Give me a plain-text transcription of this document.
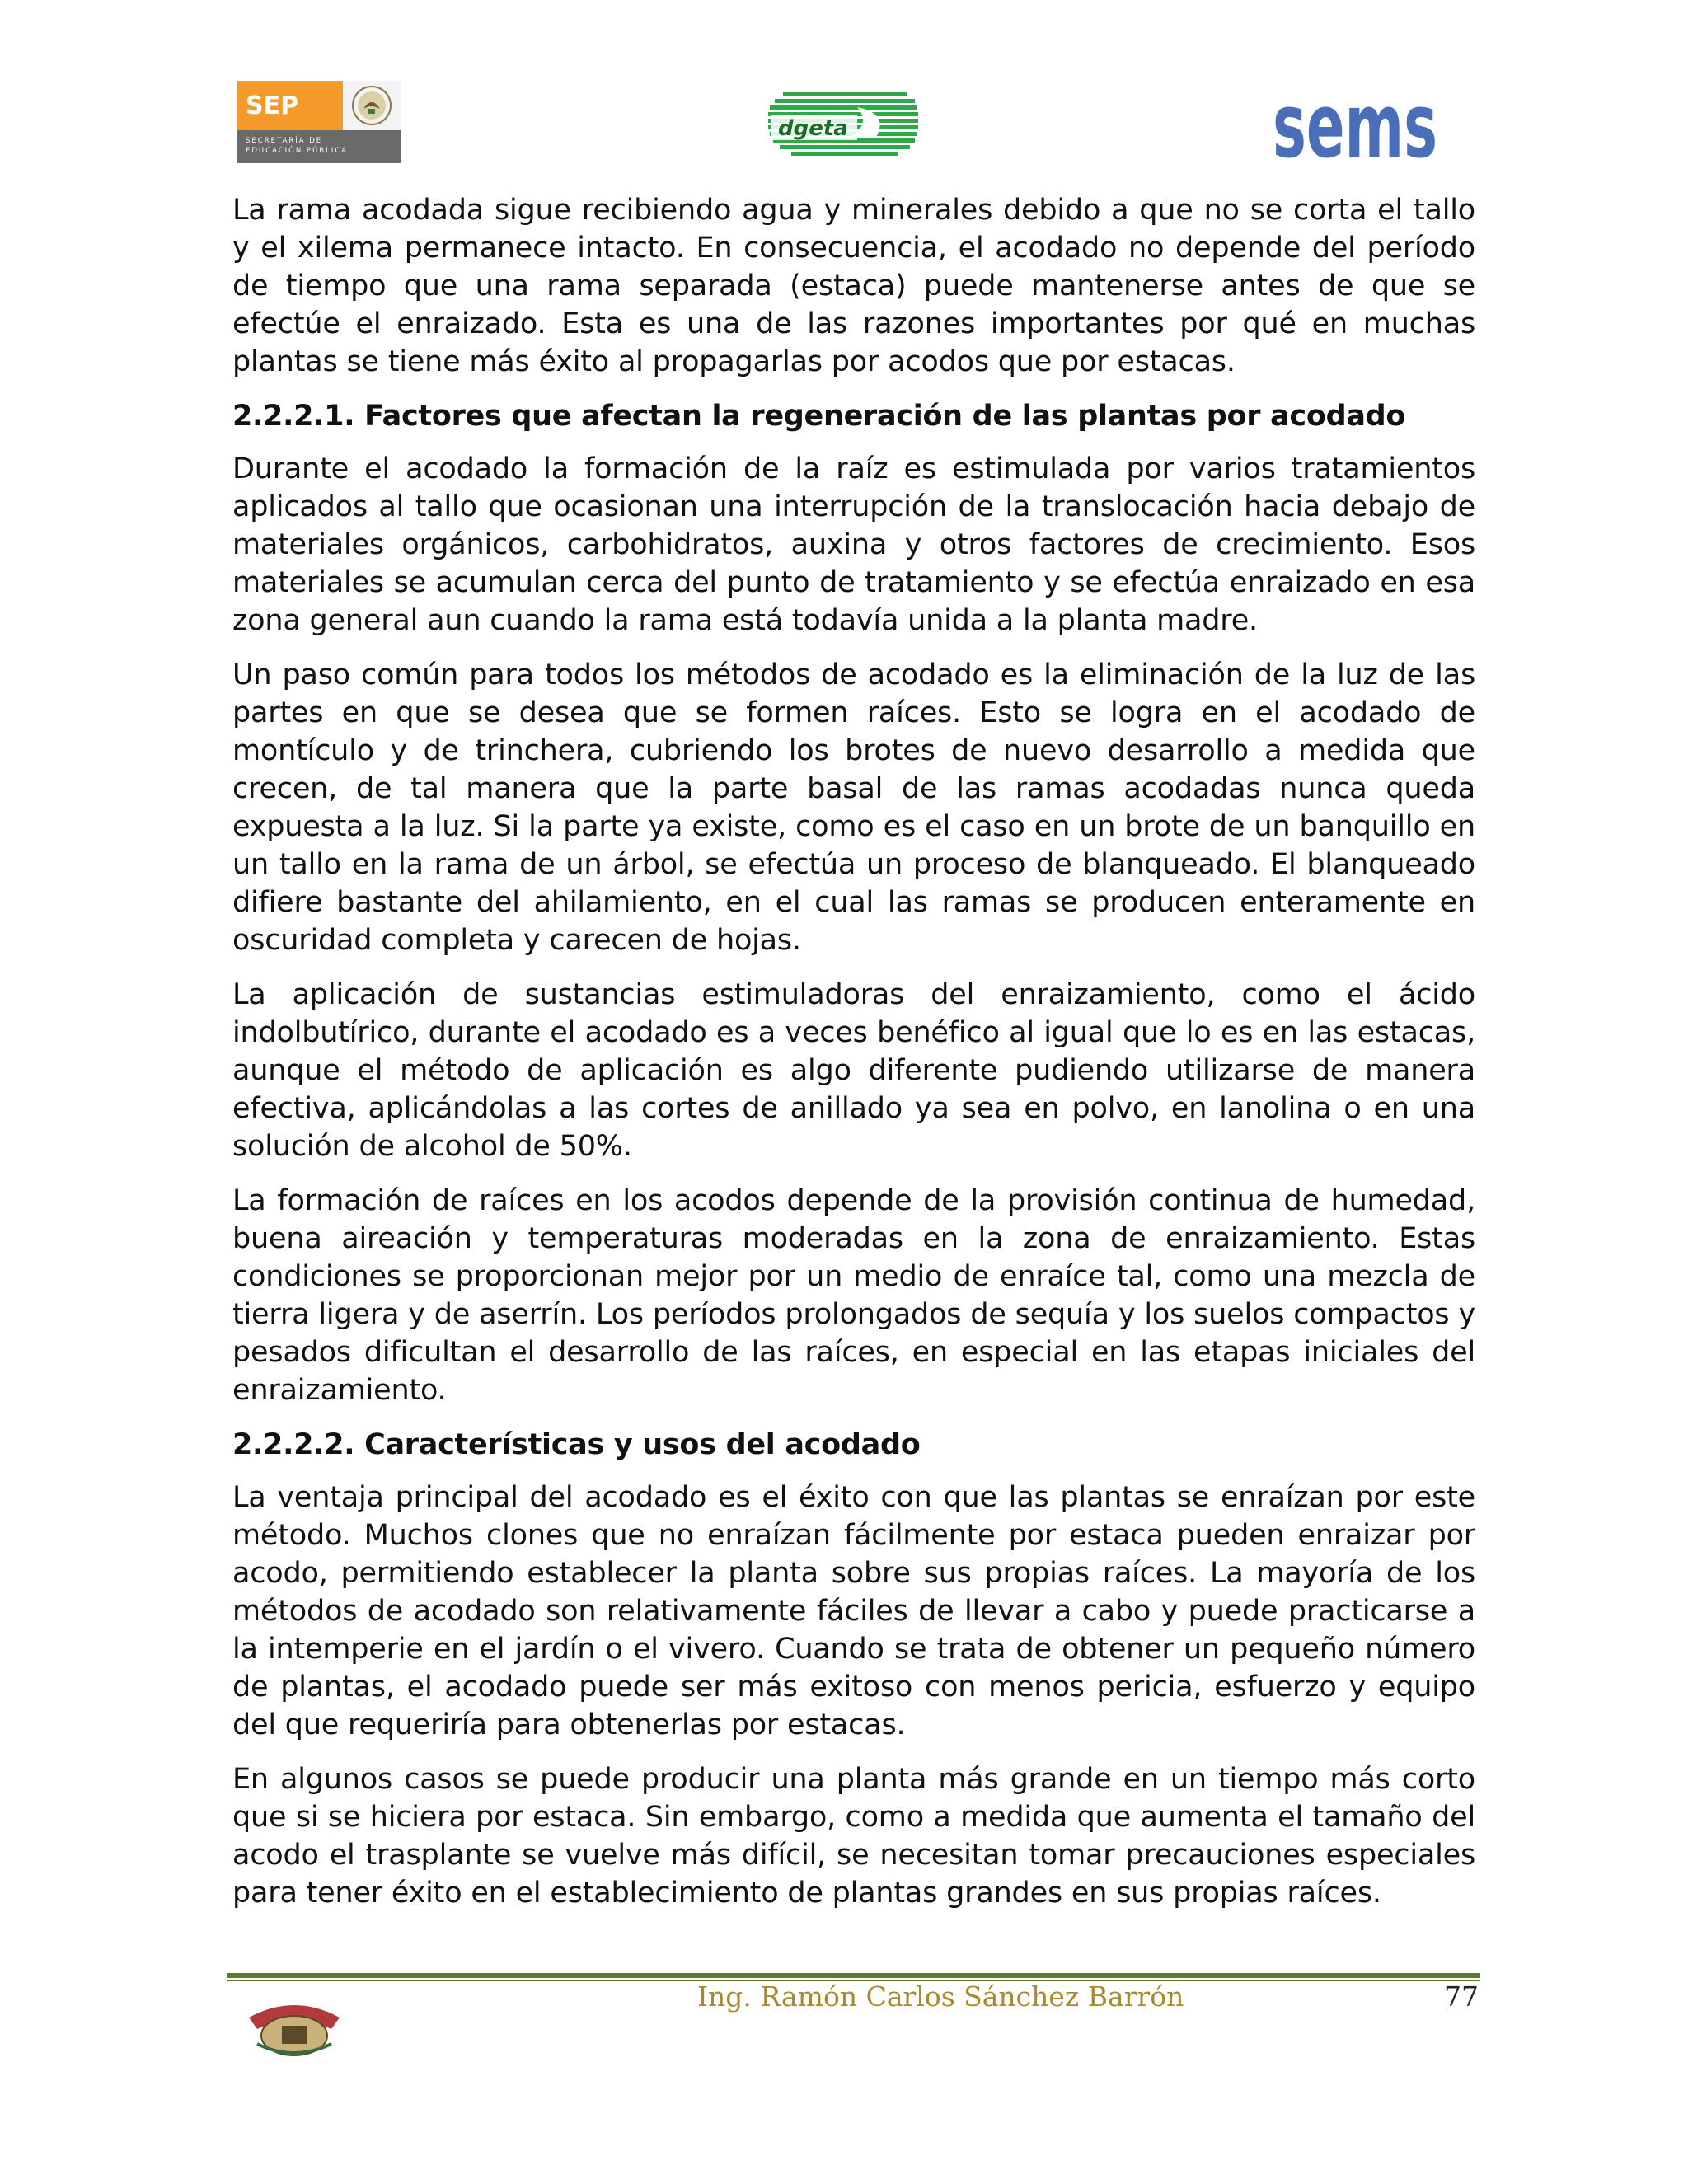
SEP
SECRETARÍA DE
EDUCACIÓN PÚBLICA
dgeta	sems

La rama acodada sigue recibiendo agua y minerales debido a que no se corta el tallo y el xilema permanece intacto. En consecuencia, el acodado no depende del período de tiempo que una rama separada (estaca) puede mantenerse antes de que se efectúe el enraizado. Esta es una de las razones importantes por qué en muchas plantas se tiene más éxito al propagarlas por acodos que por estacas.

2.2.2.1. Factores que afectan la regeneración de las plantas por acodado

Durante el acodado la formación de la raíz es estimulada por varios tratamientos aplicados al tallo que ocasionan una interrupción de la translocación hacia debajo de materiales orgánicos, carbohidratos, auxina y otros factores de crecimiento. Esos materiales se acumulan cerca del punto de tratamiento y se efectúa enraizado en esa zona general aun cuando la rama está todavía unida a la planta madre.

Un paso común para todos los métodos de acodado es la eliminación de la luz de las partes en que se desea que se formen raíces. Esto se logra en el acodado de montículo y de trinchera, cubriendo los brotes de nuevo desarrollo a medida que crecen, de tal manera que la parte basal de las ramas acodadas nunca queda expuesta a la luz. Si la parte ya existe, como es el caso en un brote de un banquillo en un tallo en la rama de un árbol, se efectúa un proceso de blanqueado. El blanqueado difiere bastante del ahilamiento, en el cual las ramas se producen enteramente en oscuridad completa y carecen de hojas.

La aplicación de sustancias estimuladoras del enraizamiento, como el ácido indolbutírico, durante el acodado es a veces benéfico al igual que lo es en las estacas, aunque el método de aplicación es algo diferente pudiendo utilizarse de manera efectiva, aplicándolas a las cortes de anillado ya sea en polvo, en lanolina o en una solución de alcohol de 50%.

La formación de raíces en los acodos depende de la provisión continua de humedad, buena aireación y temperaturas moderadas en la zona de enraizamiento. Estas condiciones se proporcionan mejor por un medio de enraíce tal, como una mezcla de tierra ligera y de aserrín. Los períodos prolongados de sequía y los suelos compactos y pesados dificultan el desarrollo de las raíces, en especial en las etapas iniciales del enraizamiento.

2.2.2.2. Características y usos del acodado

La ventaja principal del acodado es el éxito con que las plantas se enraízan por este método. Muchos clones que no enraízan fácilmente por estaca pueden enraizar por acodo, permitiendo establecer la planta sobre sus propias raíces. La mayoría de los métodos de acodado son relativamente fáciles de llevar a cabo y puede practicarse a la intemperie en el jardín o el vivero. Cuando se trata de obtener un pequeño número de plantas, el acodado puede ser más exitoso con menos pericia, esfuerzo y equipo del que requeriría para obtenerlas por estacas.

En algunos casos se puede producir una planta más grande en un tiempo más corto que si se hiciera por estaca. Sin embargo, como a medida que aumenta el tamaño del acodo el trasplante se vuelve más difícil, se necesitan tomar precauciones especiales para tener éxito en el establecimiento de plantas grandes en sus propias raíces.

Ing. Ramón Carlos Sánchez Barrón	77
